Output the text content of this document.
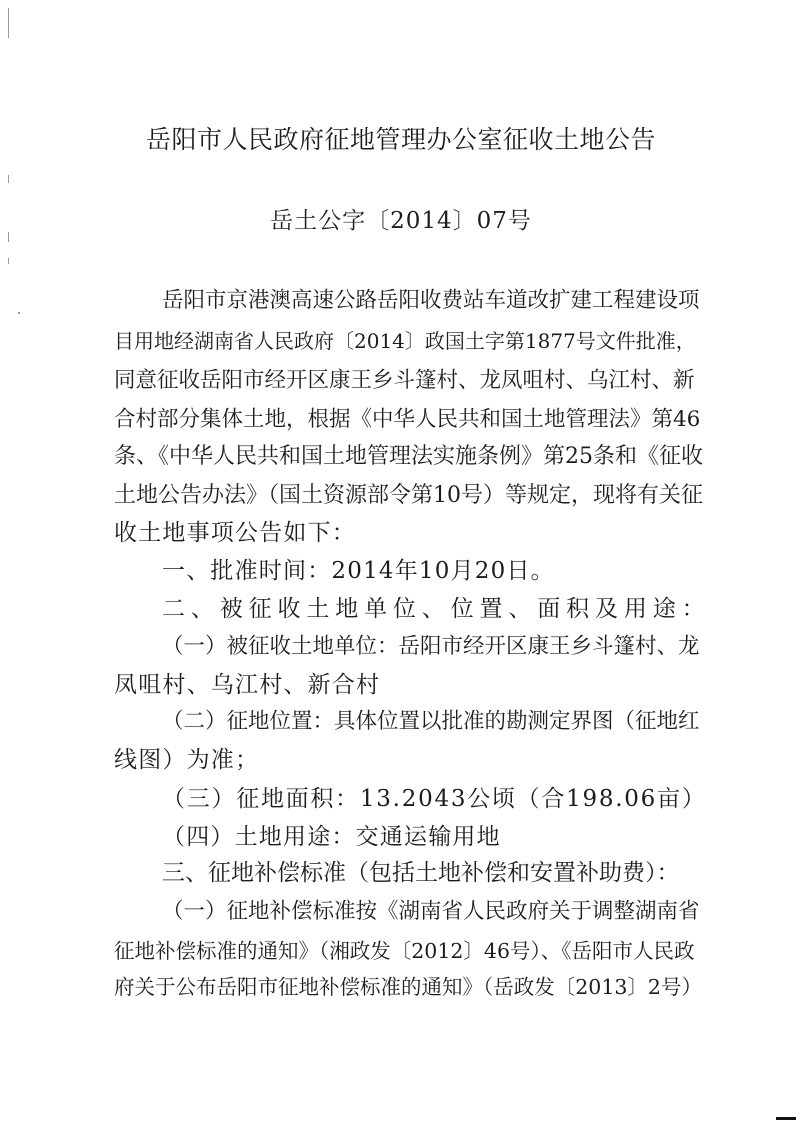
岳阳市人民政府征地管理办公室征收土地公告
岳土公字〔2014〕07号
岳阳市京港澳高速公路岳阳收费站车道改扩建工程建设项
目用地经湖南省人民政府〔2014〕政国土字第1877号文件批准，
同意征收岳阳市经开区康王乡斗篷村、龙凤咀村、乌江村、新
合村部分集体土地，根据《中华人民共和国土地管理法》第46
条、《中华人民共和国土地管理法实施条例》第25条和《征收
土地公告办法》（国土资源部令第10号）等规定，现将有关征
收土地事项公告如下：
一、批准时间：2014年10月20日。
二、被征收土地单位、位置、面积及用途：
（一）被征收土地单位：岳阳市经开区康王乡斗篷村、龙
凤咀村、乌江村、新合村
（二）征地位置：具体位置以批准的勘测定界图（征地红
线图）为准；
（三）征地面积：13.2043公顷（合198.06亩）
（四）土地用途：交通运输用地
三、征地补偿标准（包括土地补偿和安置补助费）：
（一）征地补偿标准按《湖南省人民政府关于调整湖南省
征地补偿标准的通知》（湘政发〔2012〕46号）、《岳阳市人民政
府关于公布岳阳市征地补偿标准的通知》（岳政发〔2013〕2号）
